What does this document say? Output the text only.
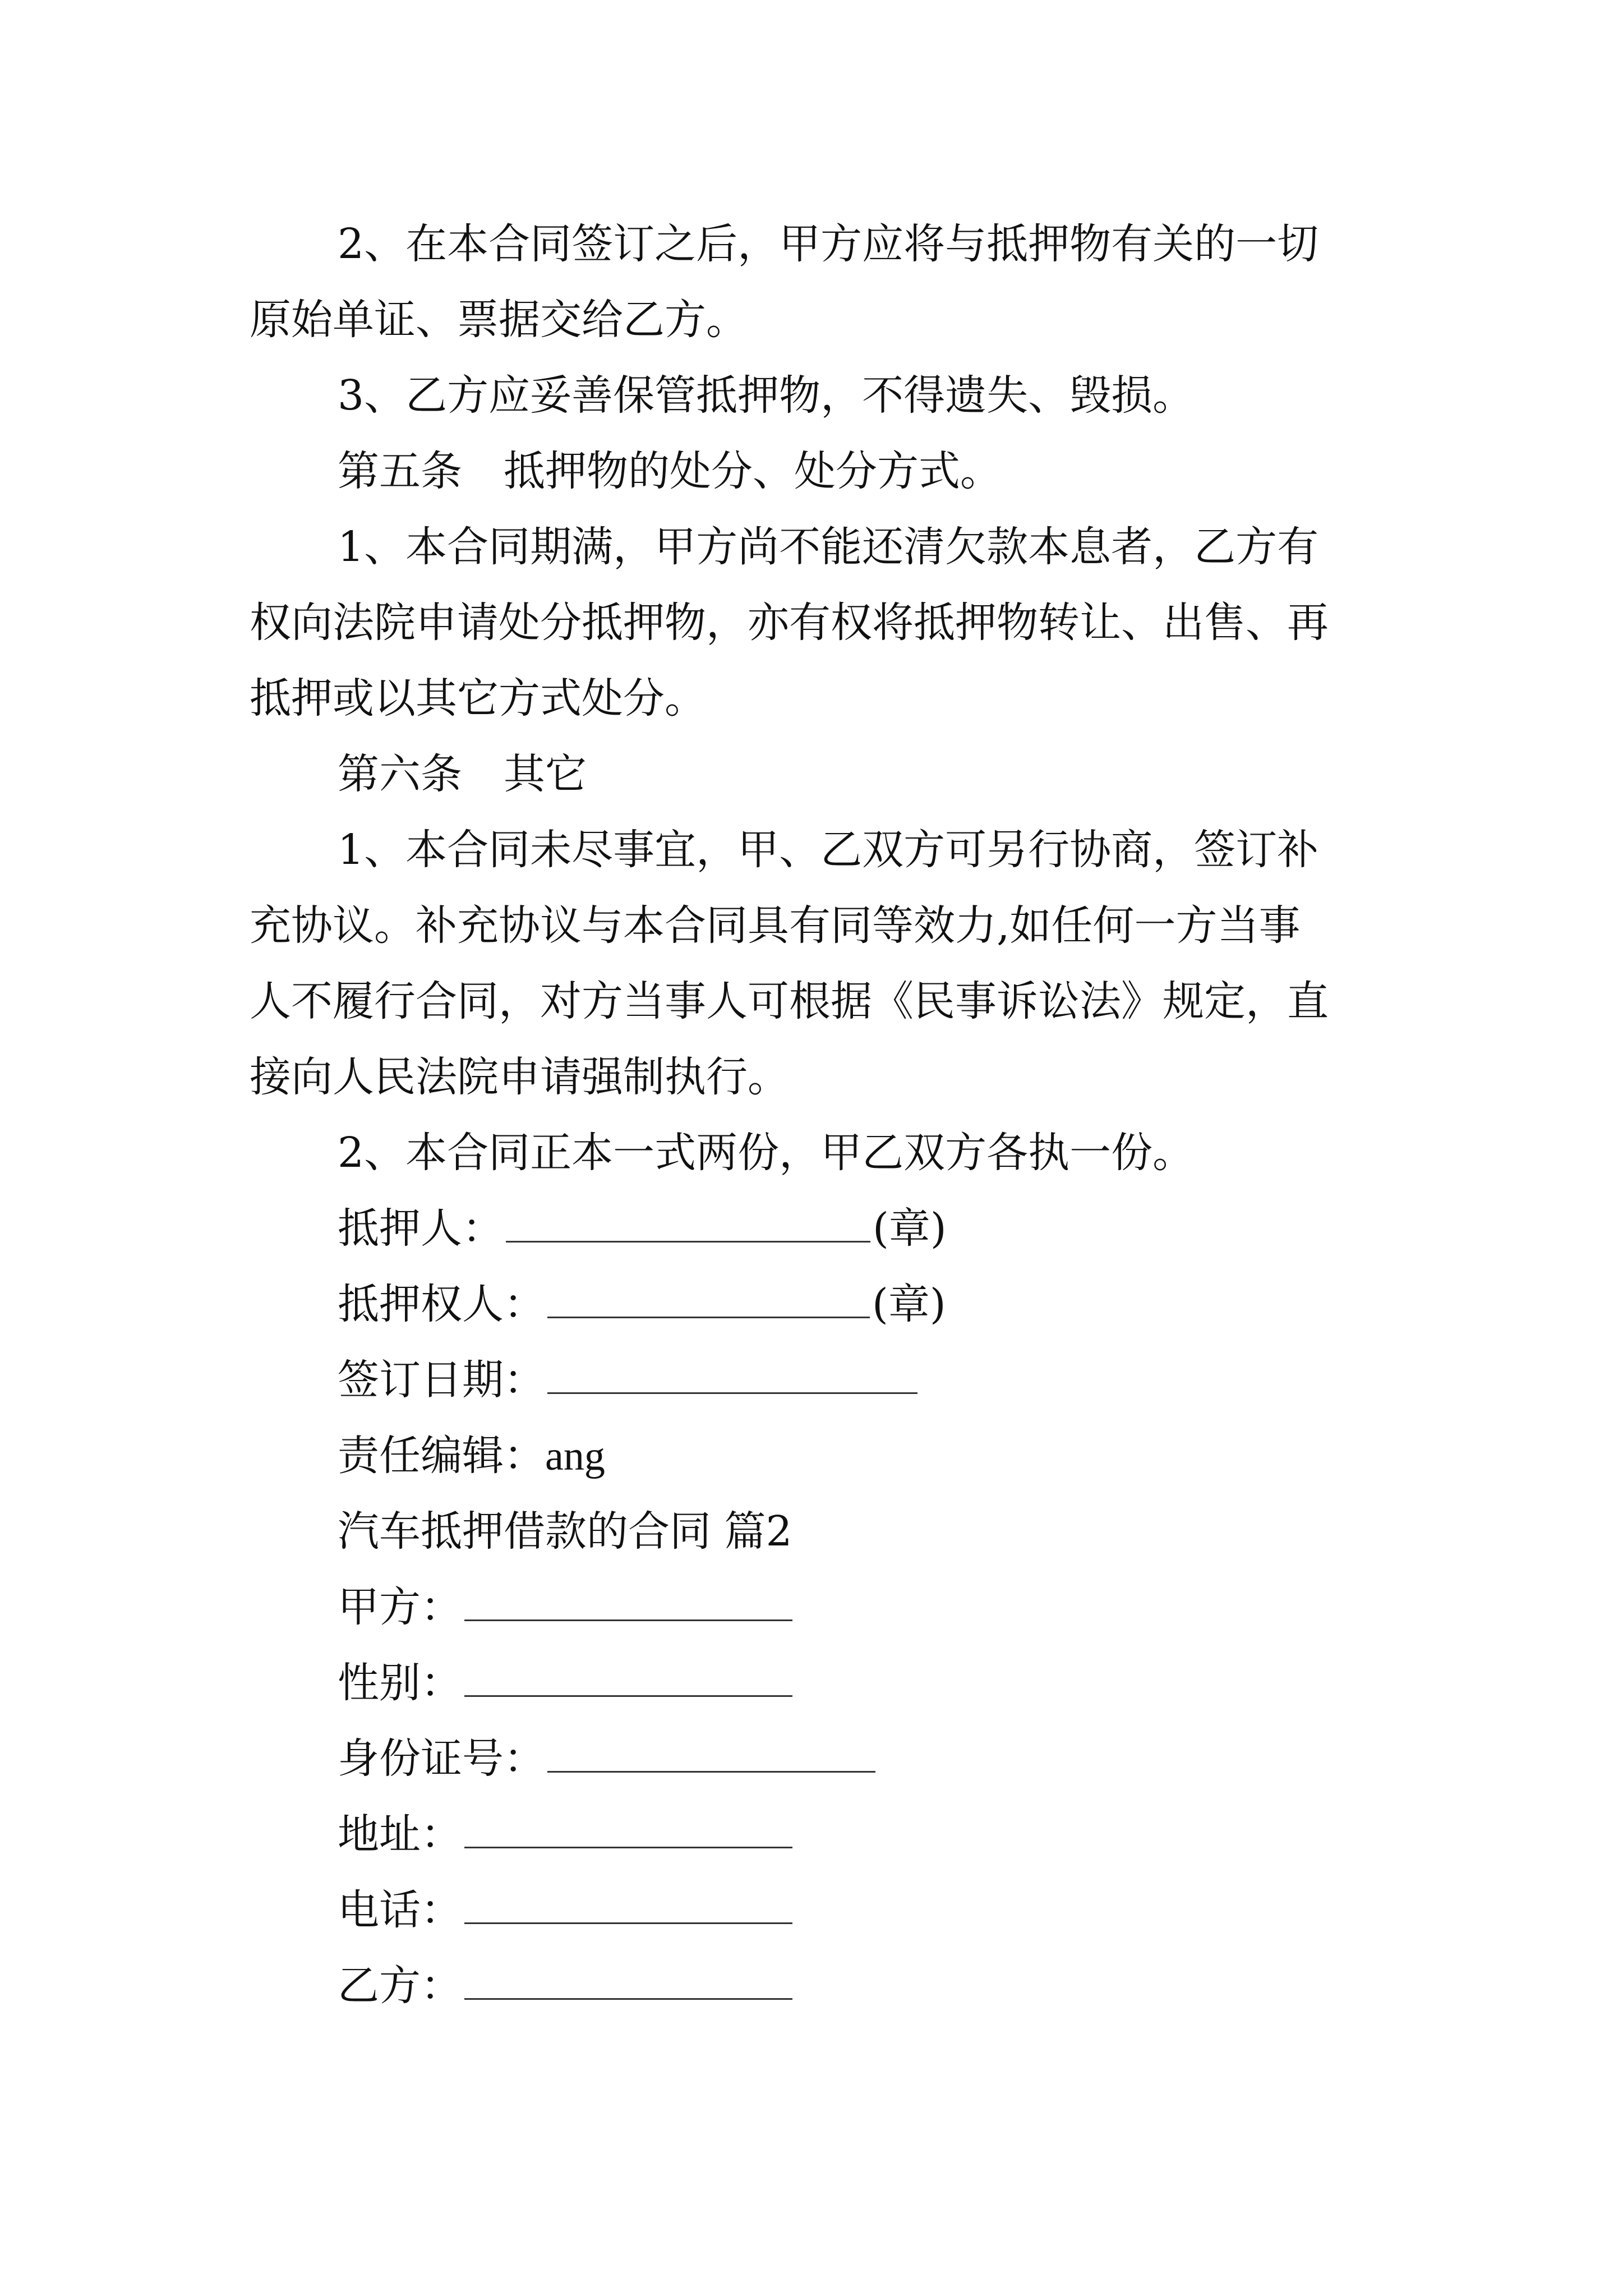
2、在本合同签订之后，甲方应将与抵押物有关的一切
原始单证、票据交给乙方。
3、乙方应妥善保管抵押物，不得遗失、毁损。
第五条　抵押物的处分、处分方式。
1、本合同期满，甲方尚不能还清欠款本息者，乙方有
权向法院申请处分抵押物，亦有权将抵押物转让、出售、再
抵押或以其它方式处分。
第六条　其它
1、本合同未尽事宜，甲、乙双方可另行协商，签订补
充协议。补充协议与本合同具有同等效力,如任何一方当事
人不履行合同，对方当事人可根据《民事诉讼法》规定，直
接向人民法院申请强制执行。
2、本合同正本一式两份，甲乙双方各执一份。
抵押人：	(章)
抵押权人：	(章)
签订日期：
责任编辑：ang
汽车抵押借款的合同 篇2
甲方：
性别：
身份证号：
地址：
电话：
乙方：
